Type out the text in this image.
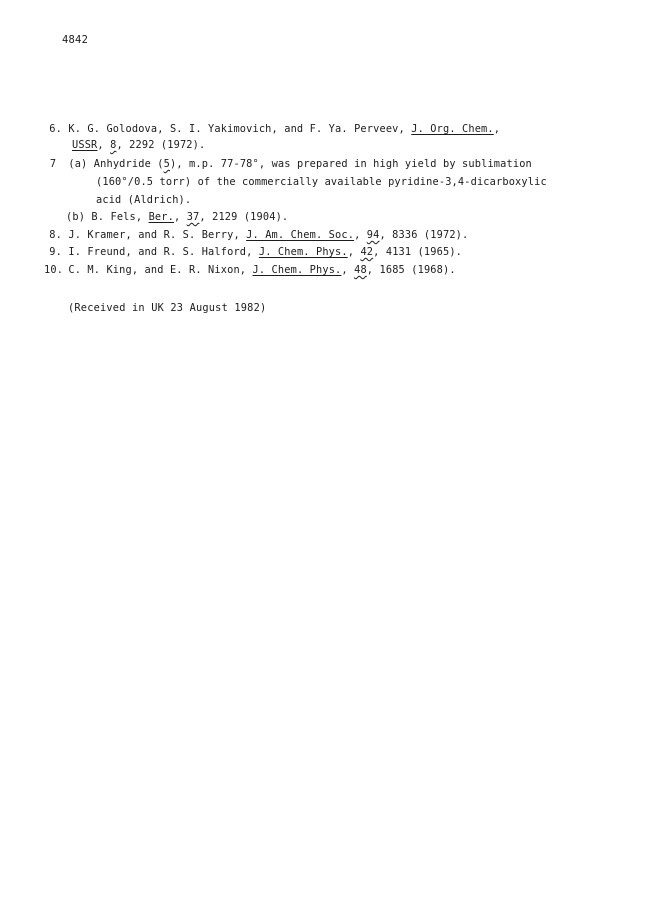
4842
6. K. G. Golodova, S. I. Yakimovich, and F. Ya. Perveev, J. Org. Chem.,
USSR, 8, 2292 (1972).
7 (a) Anhydride (5), m.p. 77-78°, was prepared in high yield by sublimation
(160°/0.5 torr) of the commercially available pyridine-3,4-dicarboxylic
acid (Aldrich).
(b) B. Fels, Ber., 37, 2129 (1904).
8. J. Kramer, and R. S. Berry, J. Am. Chem. Soc., 94, 8336 (1972).
9. I. Freund, and R. S. Halford, J. Chem. Phys., 42, 4131 (1965).
10. C. M. King, and E. R. Nixon, J. Chem. Phys., 48, 1685 (1968).
(Received in UK 23 August 1982)
